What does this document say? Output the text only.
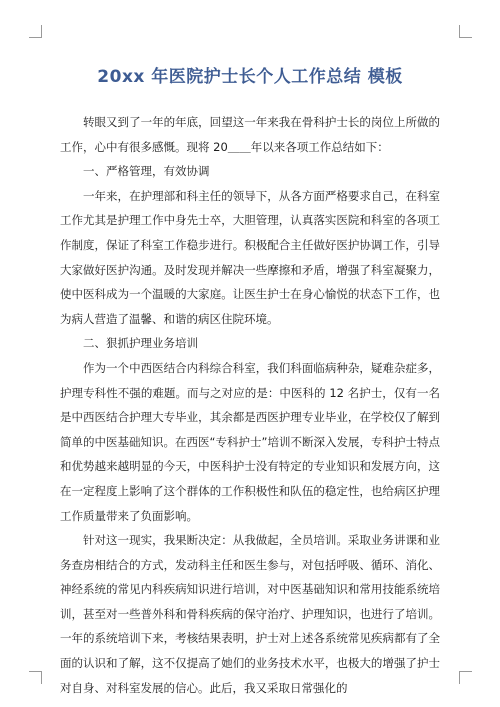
20xx 年医院护士长个人工作总结 模板

转眼又到了一年的年底，回望这一年来我在骨科护士长的岗位上所做的工作，心中有很多感慨。现将 20＿＿年以来各项工作总结如下：

一、严格管理，有效协调

一年来，在护理部和科主任的领导下，从各方面严格要求自己，在科室工作尤其是护理工作中身先士卒，大胆管理，认真落实医院和科室的各项工作制度，保证了科室工作稳步进行。积极配合主任做好医护协调工作，引导大家做好医护沟通。及时发现并解决一些摩擦和矛盾，增强了科室凝聚力，使中医科成为一个温暖的大家庭。让医生护士在身心愉悦的状态下工作，也为病人营造了温馨、和谐的病区住院环境。

二、狠抓护理业务培训

作为一个中西医结合内科综合科室，我们科面临病种杂，疑难杂症多，护理专科性不强的难题。而与之对应的是：中医科的 12 名护士，仅有一名是中西医结合护理大专毕业，其余都是西医护理专业毕业，在学校仅了解到简单的中医基础知识。在西医“专科护士”培训不断深入发展，专科护士特点和优势越来越明显的今天，中医科护士没有特定的专业知识和发展方向，这在一定程度上影响了这个群体的工作积极性和队伍的稳定性，也给病区护理工作质量带来了负面影响。

针对这一现实，我果断决定：从我做起，全员培训。采取业务讲课和业务查房相结合的方式，发动科主任和医生参与，对包括呼吸、循环、消化、神经系统的常见内科疾病知识进行培训，对中医基础知识和常用技能系统培训，甚至对一些普外科和骨科疾病的保守治疗、护理知识，也进行了培训。一年的系统培训下来，考核结果表明，护士对上述各系统常见疾病都有了全面的认识和了解，这不仅提高了她们的业务技术水平，也极大的增强了护士对自身、对科室发展的信心。此后，我又采取日常强化的
